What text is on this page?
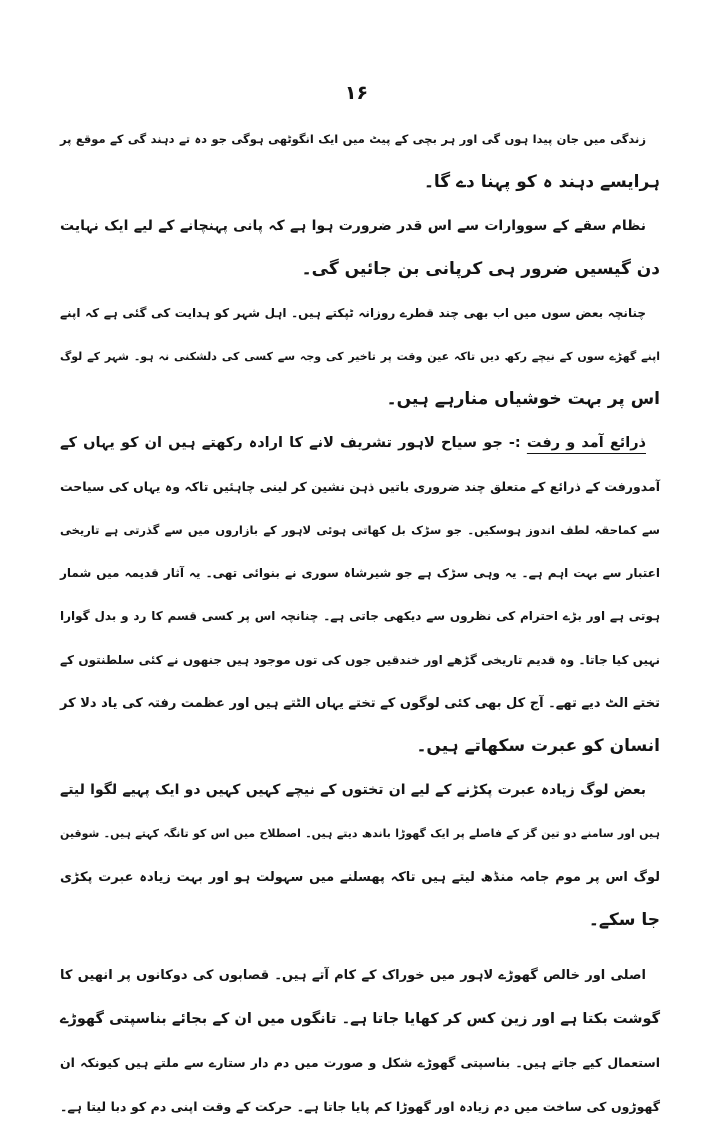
۱۶
زندگی میں جان پیدا ہوں گی اور ہر بچی کے پیٹ میں ایک انگوٹھی ہوگی جو دہ تے دہند گی کے موقع پر
ہرایسے دہند ہ کو پہنا دے گا۔
نظام سقے کے سووارات سے اس قدر ضرورت ہوا ہے کہ پانی پہنچانے کے لیے ایک نہایت
دن گیسیں ضرور ہی کرپانی بن جائیں گی۔
چنانچہ بعض سوں میں اب بھی چند قطرے روزانہ ٹپکتے ہیں۔ اہل شہر کو ہدایت کی گئی ہے کہ اپنے
اپنے گھڑے سوں کے نیچے رکھ دیں تاکہ عین وقت پر تاخیر کی وجہ سے کسی کی دلشکنی نہ ہو۔ شہر کے لوگ
اس پر بہت خوشیاں منارہے ہیں۔
ذرائع آمد و رفت :- جو سیاح لاہور تشریف لانے کا ارادہ رکھتے ہیں ان کو یہاں کے
آمدورفت کے ذرائع کے متعلق چند ضروری باتیں ذہن نشین کر لینی چاہئیں تاکہ وہ یہاں کی سیاحت
سے کماحقہ لطف اندوز ہوسکیں۔ جو سڑک بل کھاتی ہوئی لاہور کے بازاروں میں سے گذرتی ہے تاریخی
اعتبار سے بہت اہم ہے۔ یہ وہی سڑک ہے جو شیرشاہ سوری نے بنوائی تھی۔ یہ آثار قدیمہ میں شمار
ہوتی ہے اور بڑے احترام کی نظروں سے دیکھی جاتی ہے۔ چنانچہ اس پر کسی قسم کا رد و بدل گوارا
نہیں کیا جاتا۔ وہ قدیم تاریخی گڑھے اور خندقیں جوں کی توں موجود ہیں جنھوں نے کئی سلطنتوں کے
تختے الٹ دیے تھے۔ آج کل بھی کئی لوگوں کے تختے یہاں الٹتے ہیں اور عظمت رفتہ کی یاد دلا کر
انسان کو عبرت سکھاتے ہیں۔
بعض لوگ زیادہ عبرت پکڑنے کے لیے ان تختوں کے نیچے کہیں کہیں دو ایک پہیے لگوا لیتے
ہیں اور سامنے دو تین گز کے فاصلے پر ایک گھوڑا باندھ دیتے ہیں۔ اصطلاح میں اس کو تانگہ کہتے ہیں۔ شوقین
لوگ اس پر موم جامہ منڈھ لیتے ہیں تاکہ پھسلنے میں سہولت ہو اور بہت زیادہ عبرت پکڑی
جا سکے۔
اصلی اور خالص گھوڑے لاہور میں خوراک کے کام آتے ہیں۔ قصابوں کی دوکانوں پر انھیں کا
گوشت بکتا ہے اور زین کس کر کھایا جاتا ہے۔ تانگوں میں ان کے بجائے بناسپتی گھوڑے
استعمال کیے جاتے ہیں۔ بناسپتی گھوڑے شکل و صورت میں دم دار ستارے سے ملتے ہیں کیونکہ ان
گھوڑوں کی ساخت میں دم زیادہ اور گھوڑا کم پایا جاتا ہے۔ حرکت کے وقت اپنی دم کو دبا لیتا ہے۔
